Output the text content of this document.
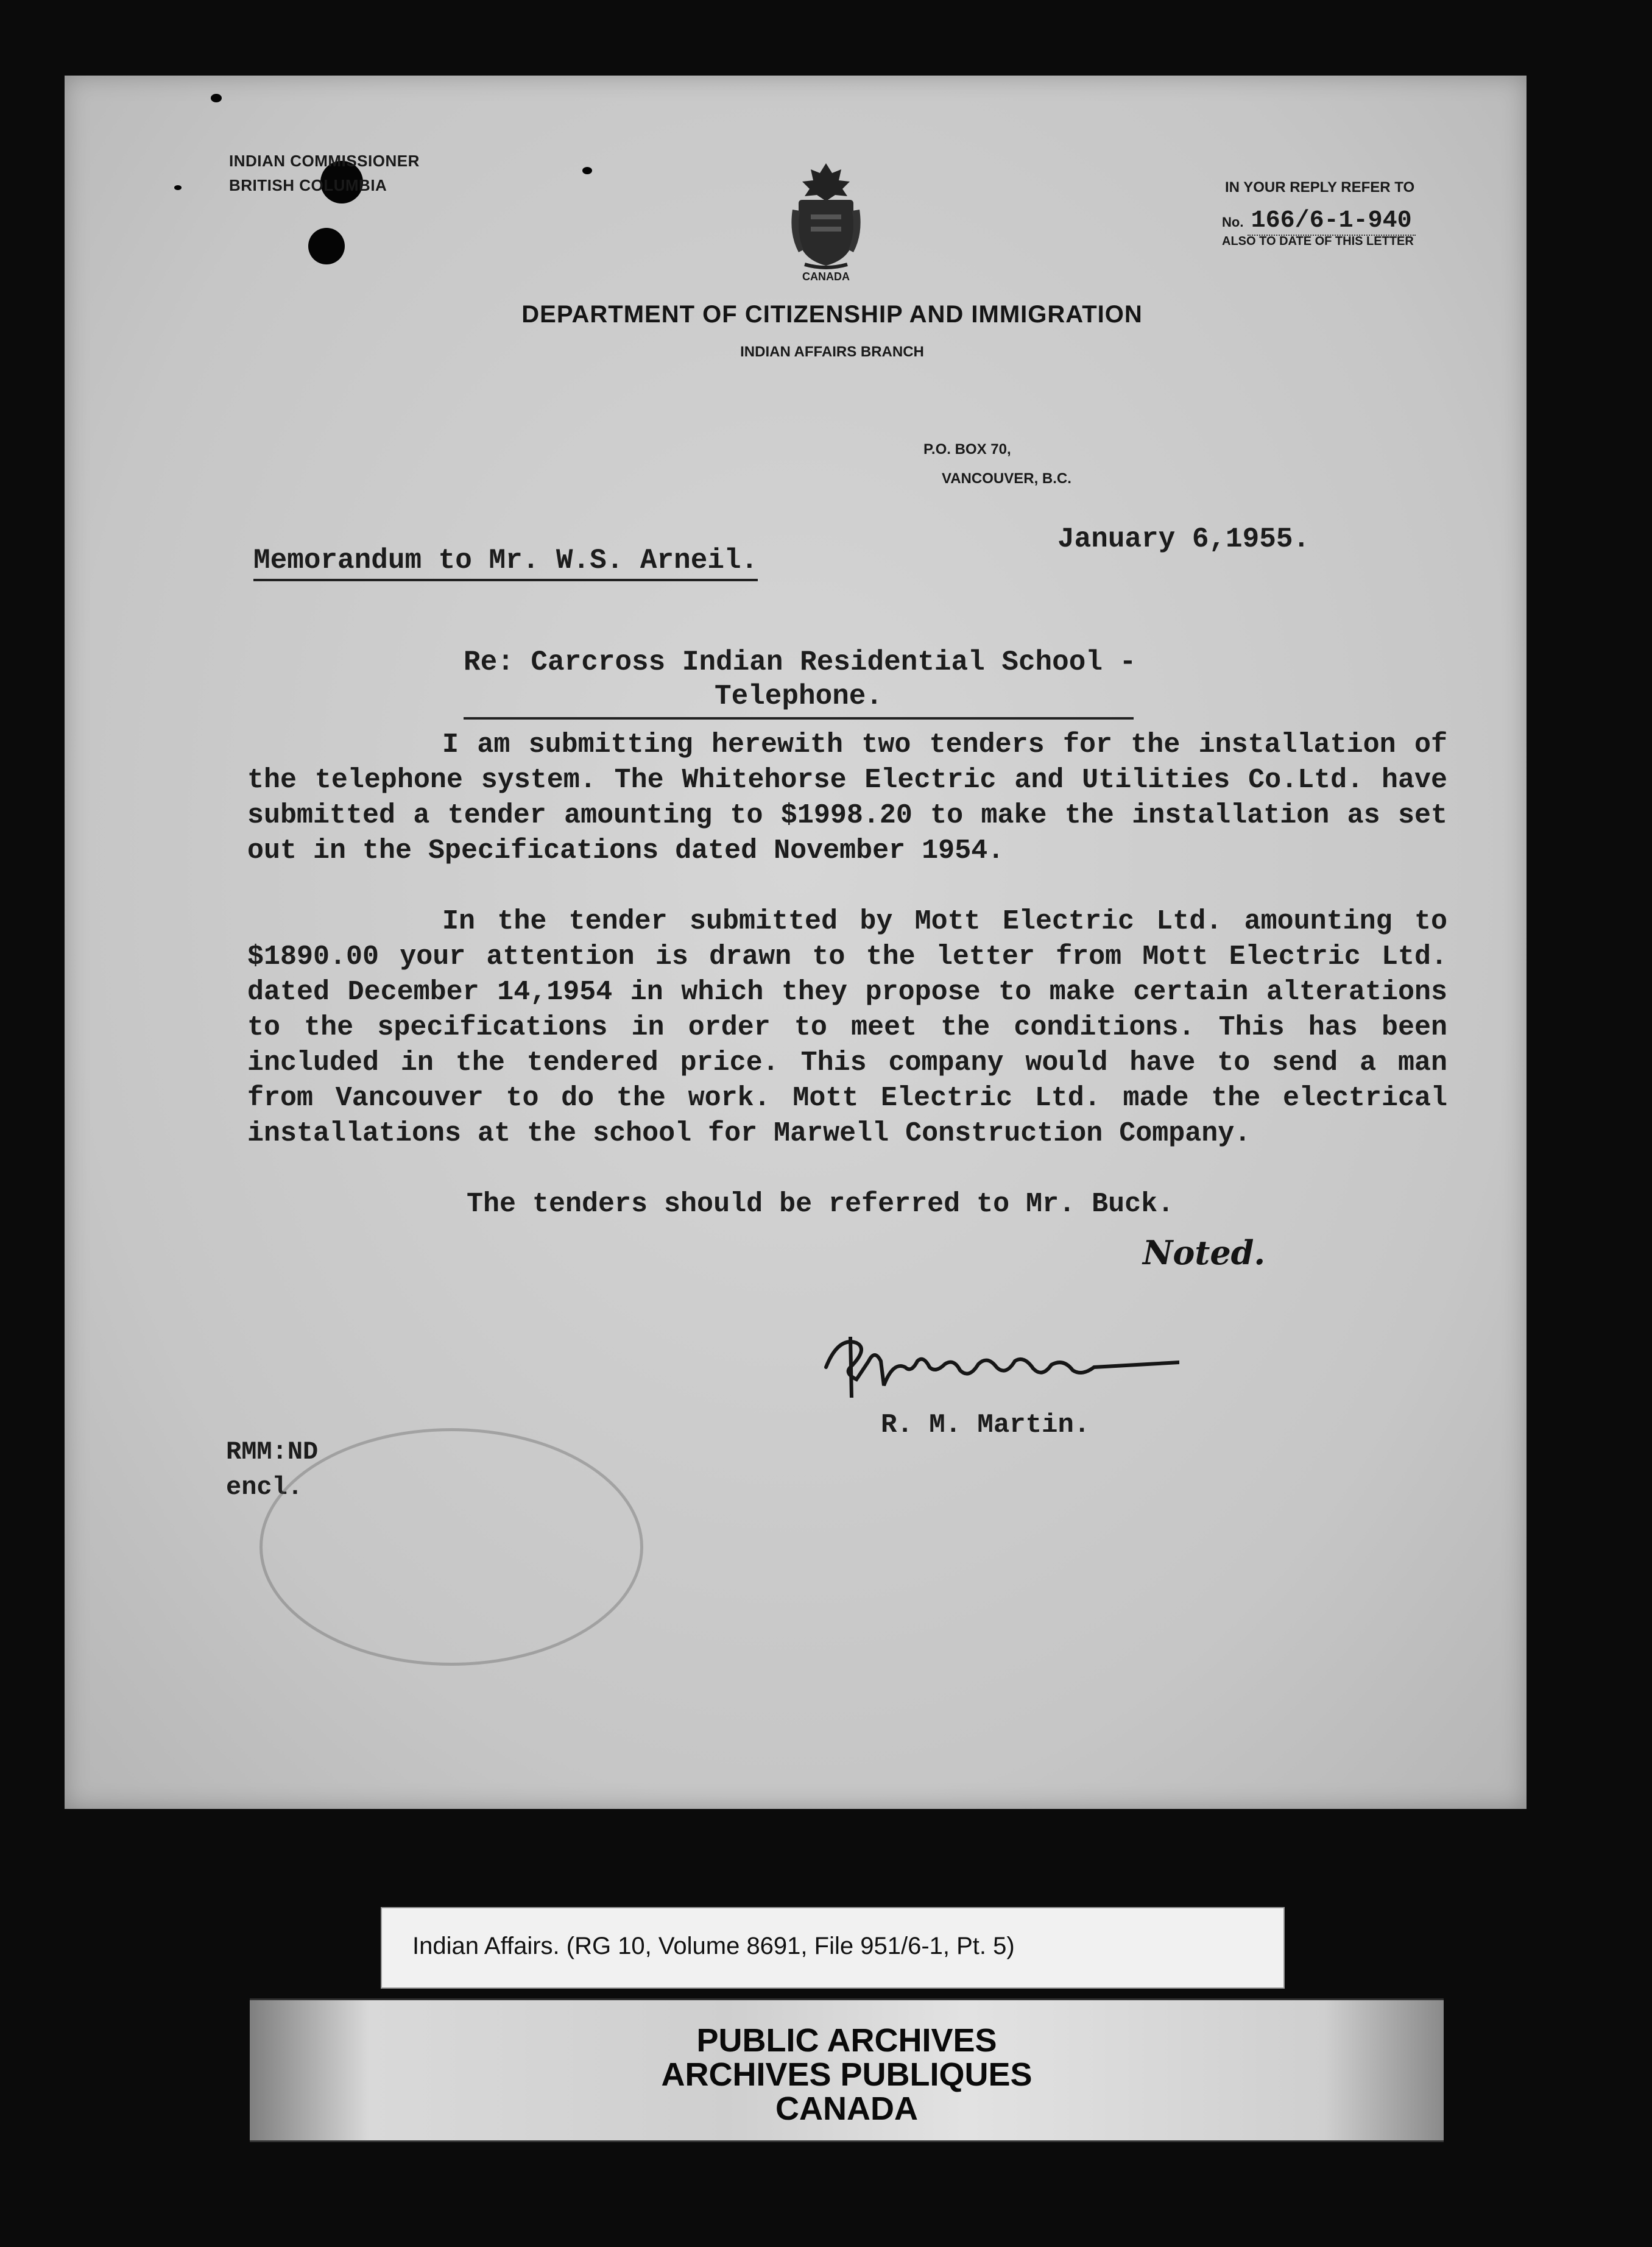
INDIAN COMMISSIONER
BRITISH COLUMBIA
CANADA
DEPARTMENT OF CITIZENSHIP AND IMMIGRATION
INDIAN AFFAIRS BRANCH
P.O. BOX 70,
VANCOUVER, B.C.
IN YOUR REPLY REFER TO
No. 166/6-1-940
ALSO TO DATE OF THIS LETTER
January 6,1955.
Memorandum to Mr. W.S. Arneil.
Re: Carcross Indian Residential School -
Telephone.

I am submitting herewith two tenders for the installation of the telephone system. The Whitehorse Electric and Utilities Co.Ltd. have submitted a tender amounting to $1998.20 to make the installation as set out in the Specifications dated November 1954.

In the tender submitted by Mott Electric Ltd. amounting to $1890.00 your attention is drawn to the letter from Mott Electric Ltd. dated December 14,1954 in which they propose to make certain alterations to the specifications in order to meet the conditions. This has been included in the tendered price. This company would have to send a man from Vancouver to do the work. Mott Electric Ltd. made the electrical installations at the school for Marwell Construction Company.

The tenders should be referred to Mr. Buck.

Noted.
R. M. Martin.
RMM:ND
encl.
Indian Affairs. (RG 10, Volume 8691, File 951/6-1, Pt. 5)
PUBLIC ARCHIVES
ARCHIVES PUBLIQUES
CANADA
